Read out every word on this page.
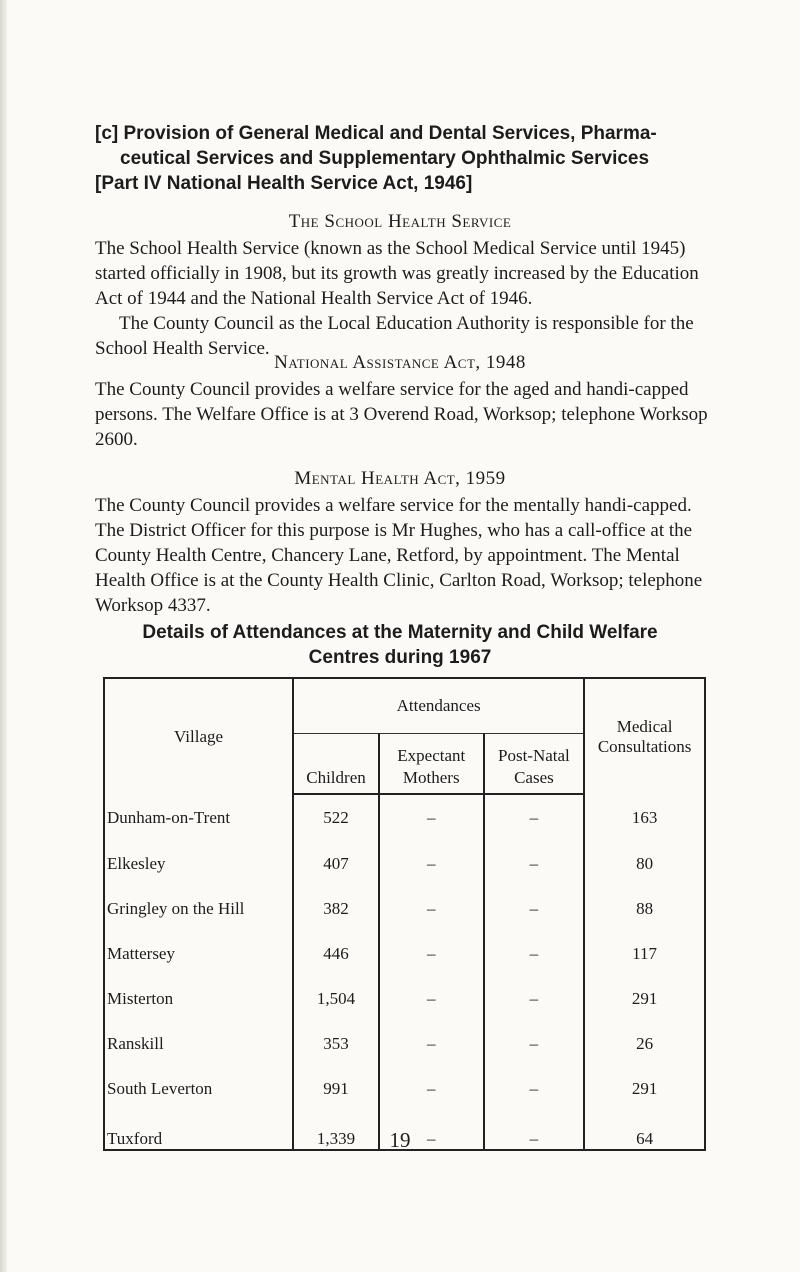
[c] Provision of General Medical and Dental Services, Pharma-

ceutical Services and Supplementary Ophthalmic Services

[Part IV National Health Service Act, 1946]

The School Health Service

The School Health Service (known as the School Medical Service until 1945) started officially in 1908, but its growth was greatly increased by the Education Act of 1944 and the National Health Service Act of 1946.
The County Council as the Local Education Authority is responsible for the School Health Service.

National Assistance Act, 1948

The County Council provides a welfare service for the aged and handi-capped persons. The Welfare Office is at 3 Overend Road, Worksop; telephone Worksop 2600.

Mental Health Act, 1959

The County Council provides a welfare service for the mentally handi-capped. The District Officer for this purpose is Mr Hughes, who has a call-office at the County Health Centre, Chancery Lane, Retford, by appointment. The Mental Health Office is at the County Health Clinic, Carlton Road, Worksop; telephone Worksop 4337.

Details of Attendances at the Maternity and Child Welfare

Centres during 1967

Village	Attendances			Medical Consultations
	Children	Expectant Mothers	Post-Natal Cases	
Dunham-on-Trent	522	–	–	163
Elkesley	407	–	–	80
Gringley on the Hill	382	–	–	88
Mattersey	446	–	–	117
Misterton	1,504	–	–	291
Ranskill	353	–	–	26
South Leverton	991	–	–	291
Tuxford	1,339	–	–	64

19
